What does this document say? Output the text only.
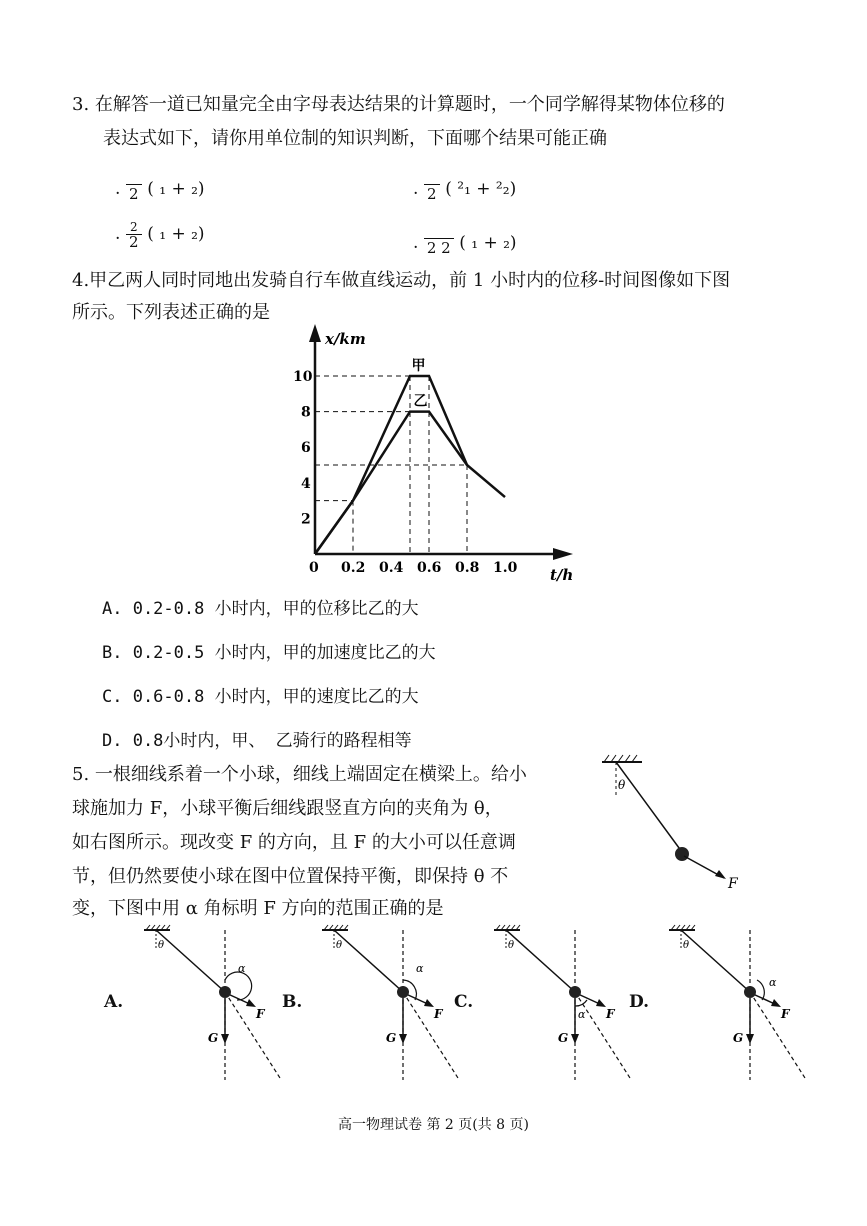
3. 在解答一道已知量完全由字母表达结果的计算题时，一个同学解得某物体位移的
表达式如下，请你用单位制的知识判断，下面哪个结果可能正确
. 2 ( ₁ + ₂)	. 2 ( ²₁ + ²₂)
. $\frac{2}{2}$ ( ₁ + ₂)	. 2 2 ( ₁ + ₂)
4.甲乙两人同时同地出发骑自行车做直线运动，前 1 小时内的位移-时间图像如下图
所示。下列表述正确的是
甲
乙
0 0.2 0.4 0.6 0.8 1.0
2
4
6
8
10
t/h
x/km
A. 0.2-0.8 小时内，甲的位移比乙的大
B. 0.2-0.5 小时内，甲的加速度比乙的大
C. 0.6-0.8 小时内，甲的速度比乙的大
D. 0.8小时内，甲、 乙骑行的路程相等
5. 一根细线系着一个小球，细线上端固定在横梁上。给小
球施加力 F，小球平衡后细线跟竖直方向的夹角为 θ，
如右图所示。现改变 F 的方向，且 F 的大小可以任意调
节，但仍然要使小球在图中位置保持平衡，即保持 θ 不
变，下图中用 α 角标明 F 方向的范围正确的是
θ
F
A.
θ
G
F
α
B.
θ
G
F
α
C.
θ
G
F
α
D.
θ
G
F
α
高一物理试卷 第 2 页(共 8 页)
